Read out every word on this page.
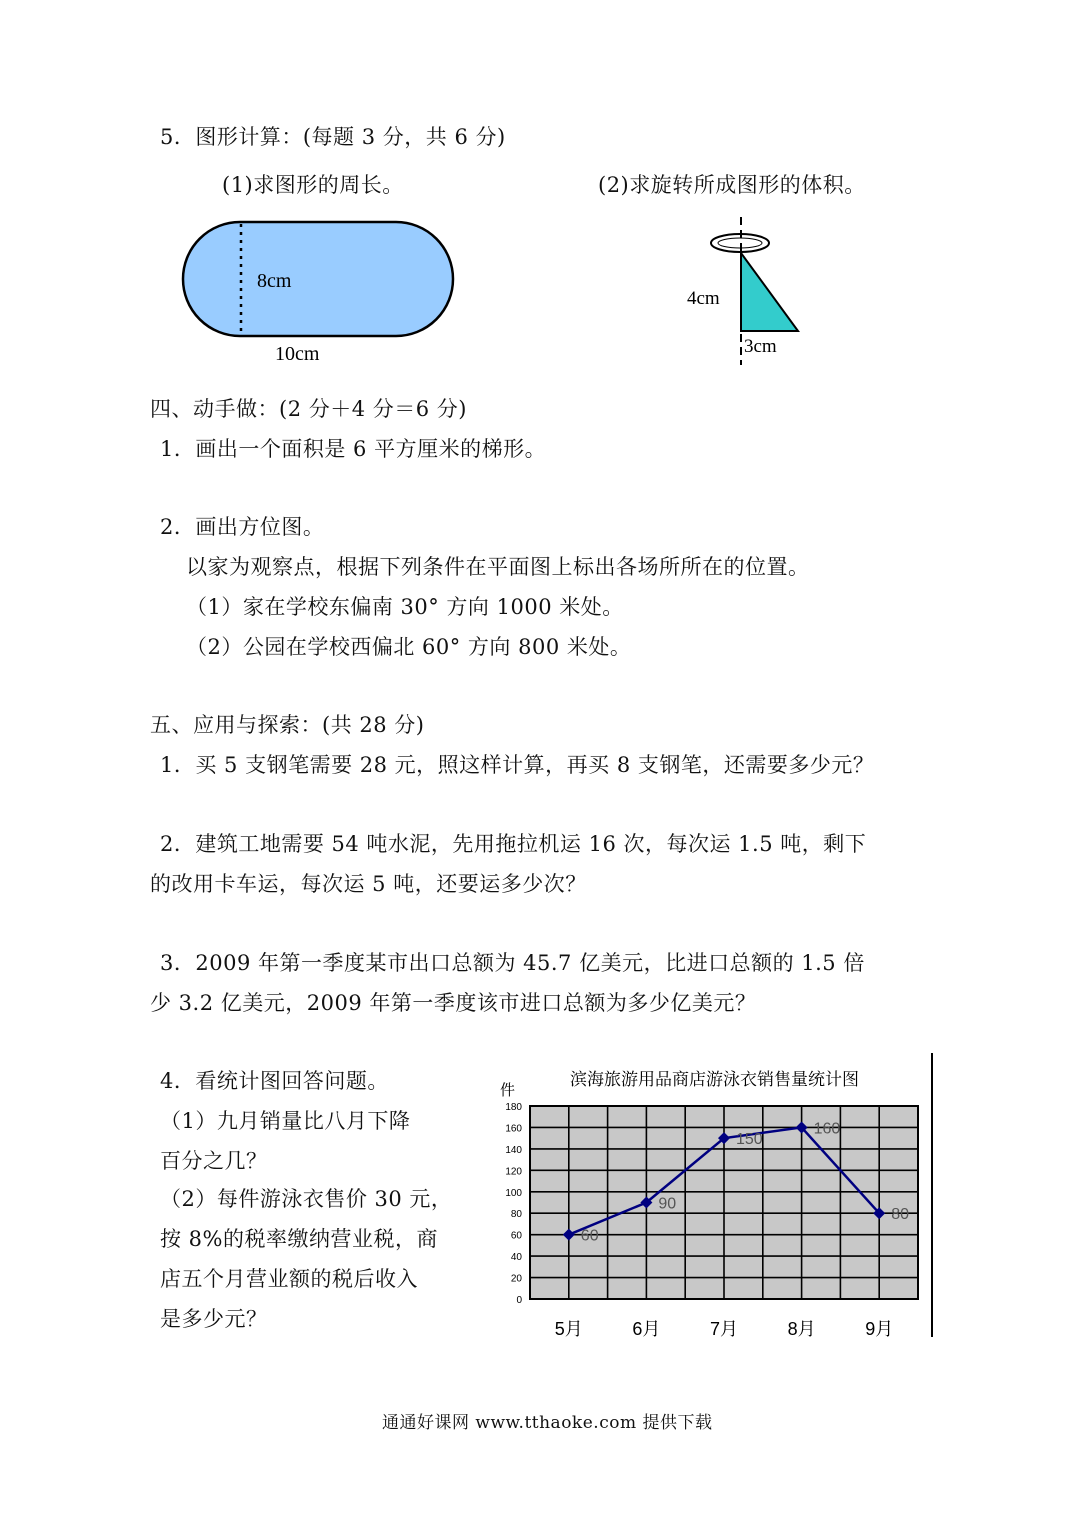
5．图形计算：(每题 3 分，共 6 分)
(1)求图形的周长。	(2)求旋转所成图形的体积。
8cm
10cm
4cm
3cm
四、动手做：(2 分＋4 分＝6 分)
1．画出一个面积是 6 平方厘米的梯形。
2．画出方位图。
以家为观察点，根据下列条件在平面图上标出各场所所在的位置。
（1）家在学校东偏南 30° 方向 1000 米处。
（2）公园在学校西偏北 60° 方向 800 米处。
五、应用与探索：(共 28 分)
1．买 5 支钢笔需要 28 元，照这样计算，再买 8 支钢笔，还需要多少元？
2．建筑工地需要 54 吨水泥，先用拖拉机运 16 次，每次运 1.5 吨，剩下
的改用卡车运，每次运 5 吨，还要运多少次？
3．2009 年第一季度某市出口总额为 45.7 亿美元，比进口总额的 1.5 倍
少 3.2 亿美元，2009 年第一季度该市进口总额为多少亿美元？
4．看统计图回答问题。
（1）九月销量比八月下降
百分之几？
（2）每件游泳衣售价 30 元，
按 8%的税率缴纳营业税，商
店五个月营业额的税后收入
是多少元？
滨海旅游用品商店游泳衣销售量统计图
件
0
20
40
60
80
100
120
140
160
180
60
5月
90
6月
150
7月
160
8月
80
9月
通通好课网 www.tthaoke.com 提供下载
